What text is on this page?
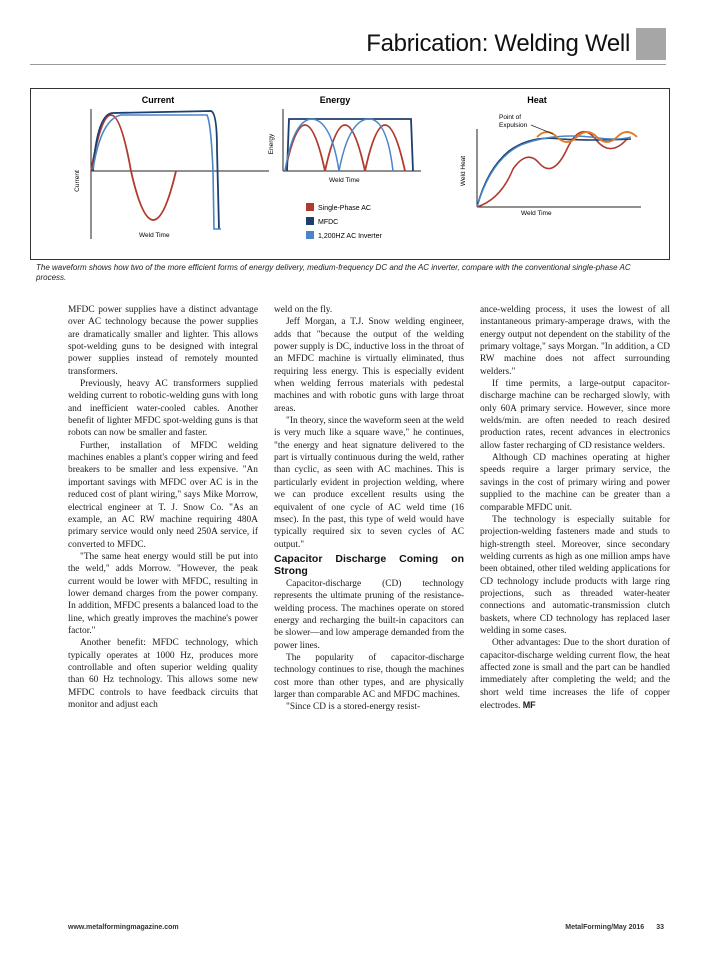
Fabrication: Welding Well
Current
Current
Weld Time
Energy
Energy
Weld Time
Single-Phase AC
MFDC
1,200HZ AC Inverter
Heat
Weld Heat
Weld Time
Point of
Expulsion
The waveform shows how two of the more efficient forms of energy delivery, medium-frequency DC and the AC inverter, compare with the conventional single-phase AC process.

MFDC power supplies have a distinct advantage over AC technology because the power supplies are dramatically smaller and lighter. This allows spot-welding guns to be designed with integral power supplies instead of remotely mounted transformers.

Previously, heavy AC transformers supplied welding current to robotic-welding guns with long and inefficient water-cooled cables. Another benefit of lighter MFDC spot-welding guns is that robots can now be smaller and faster.

Further, installation of MFDC welding machines enables a plant's copper wiring and feed breakers to be smaller and less expensive. "An important savings with MFDC over AC is in the reduced cost of plant wiring," says Mike Morrow, electrical engineer at T. J. Snow Co. "As an example, an AC RW machine requiring 480A primary service would only need 250A service, if converted to MFDC.

"The same heat energy would still be put into the weld," adds Morrow. "However, the peak current would be lower with MFDC, resulting in lower demand charges from the power company. In addition, MFDC presents a balanced load to the line, which greatly improves the machine's power factor."

Another benefit: MFDC technology, which typically operates at 1000 Hz, produces more controllable and often superior welding quality than 60 Hz technology. This allows some new MFDC controls to have feedback circuits that monitor and adjust each

weld on the fly.

Jeff Morgan, a T.J. Snow welding engineer, adds that "because the output of the welding power supply is DC, inductive loss in the throat of an MFDC machine is virtually eliminated, thus requiring less energy. This is especially evident when welding ferrous materials with pedestal machines and with robotic guns with large throat areas.

"In theory, since the waveform seen at the weld is very much like a square wave," he continues, "the energy and heat signature delivered to the part is virtually continuous during the weld, rather than cyclic, as seen with AC machines. This is particularly evident in projection welding, where we can produce excellent results using the equivalent of one cycle of AC weld time (16 msec). In the past, this type of weld would have typically required six to seven cycles of AC output."

Capacitor Discharge Coming on Strong

Capacitor-discharge (CD) technology represents the ultimate pruning of the resistance-welding process. The machines operate on stored energy and recharging the built-in capacitors can be slower—and low amperage demanded from the power lines.

The popularity of capacitor-discharge technology continues to rise, though the machines cost more than other types, and are physically larger than comparable AC and MFDC machines.

"Since CD is a stored-energy resist-

ance-welding process, it uses the lowest of all instantaneous primary-amperage draws, with the energy output not dependent on the stability of the primary voltage," says Morgan. "In addition, a CD RW machine does not affect surrounding welders."

If time permits, a large-output capacitor-discharge machine can be recharged slowly, with only 60A primary service. However, since more welds/min. are often needed to reach desired production rates, recent advances in electronics allow faster recharging of CD resistance welders.

Although CD machines operating at higher speeds require a larger primary service, the savings in the cost of primary wiring and power supplied to the machine can be greater than a comparable MFDC unit.

The technology is especially suitable for projection-welding fasteners made and studs to high-strength steel. Moreover, since secondary welding currents as high as one million amps have been obtained, other tiled welding applications for CD technology include products with large ring projections, such as threaded water-heater connections and automatic-transmission clutch baskets, where CD technology has replaced laser welding in some cases.

Other advantages: Due to the short duration of capacitor-discharge welding current flow, the heat affected zone is small and the part can be handled immediately after completing the weld; and the short weld time increases the life of copper electrodes. MF

www.metalformingmagazine.com	MetalForming/May 2016 33
